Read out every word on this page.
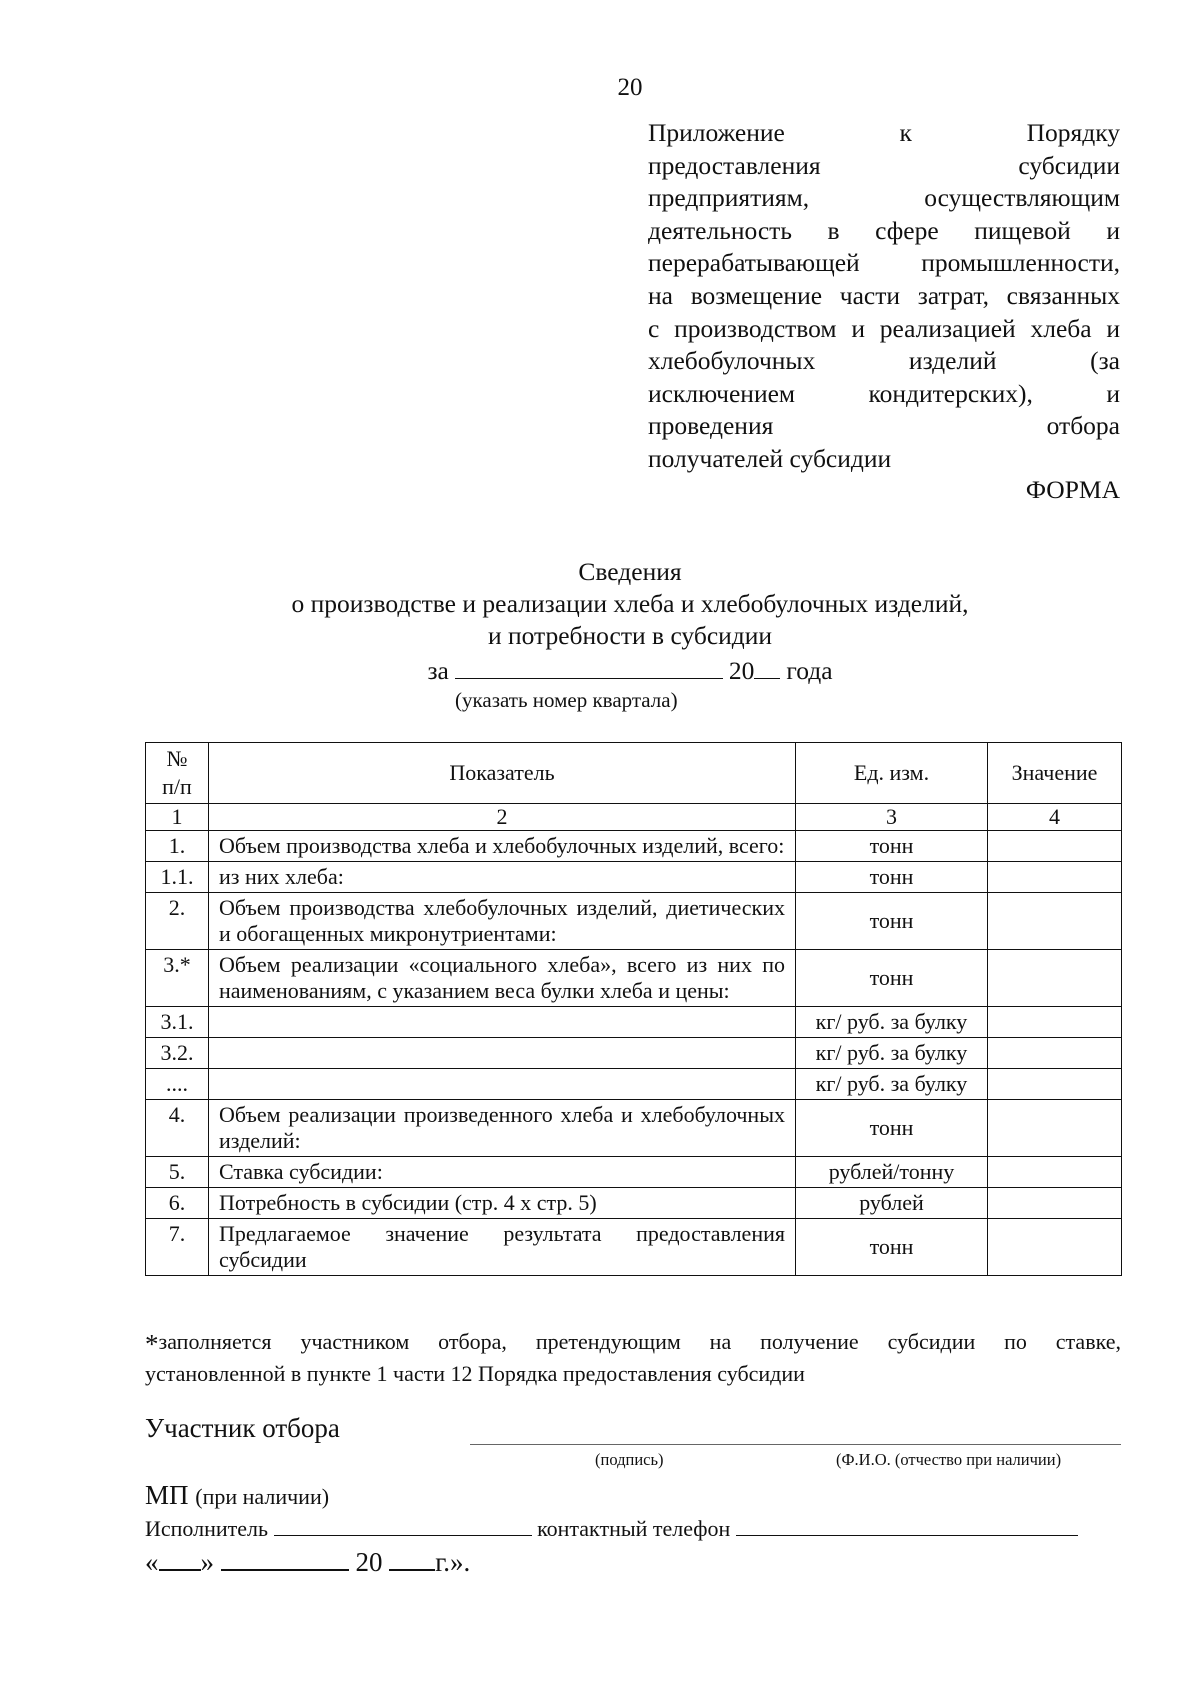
20
Приложение к Порядку
предоставления субсидии
предприятиям, осуществляющим
деятельность в сфере пищевой и
перерабатывающей промышленности,
на возмещение части затрат, связанных
с производством и реализацией хлеба и
хлебобулочных изделий (за
исключением кондитерских), и
проведения отбора
получателей субсидии
ФОРМА
Сведения
о производстве и реализации хлеба и хлебобулочных изделий,
и потребности в субсидии
за	20 года
(указать номер квартала)
№ п/п	Показатель	Ед. изм.	Значение
1	2	3	4
1.	Объем производства хлеба и хлебобулочных изделий, всего:	тонн	
1.1.	из них хлеба:	тонн	
2.	Объем производства хлебобулочных изделий, диетических и обогащенных микронутриентами:	тонн	
3.*	Объем реализации «социального хлеба», всего из них по наименованиям, с указанием веса булки хлеба и цены:	тонн	
3.1.		кг/ руб. за булку	
3.2.		кг/ руб. за булку	
....		кг/ руб. за булку	
4.	Объем реализации произведенного хлеба и хлебобулочных изделий:	тонн	
5.	Ставка субсидии:	рублей/тонну	
6.	Потребность в субсидии (стр. 4 х стр. 5)	рублей	
7.	Предлагаемое значение результата предоставления субсидии	тонн	
*заполняется участником отбора, претендующим на получение субсидии по ставке,
установленной в пункте 1 части 12 Порядка предоставления субсидии
Участник отбора
(подпись)	(Ф.И.О. (отчество при наличии)
МП (при наличии)
Исполнитель	контактный телефон
« »	20 г.».
